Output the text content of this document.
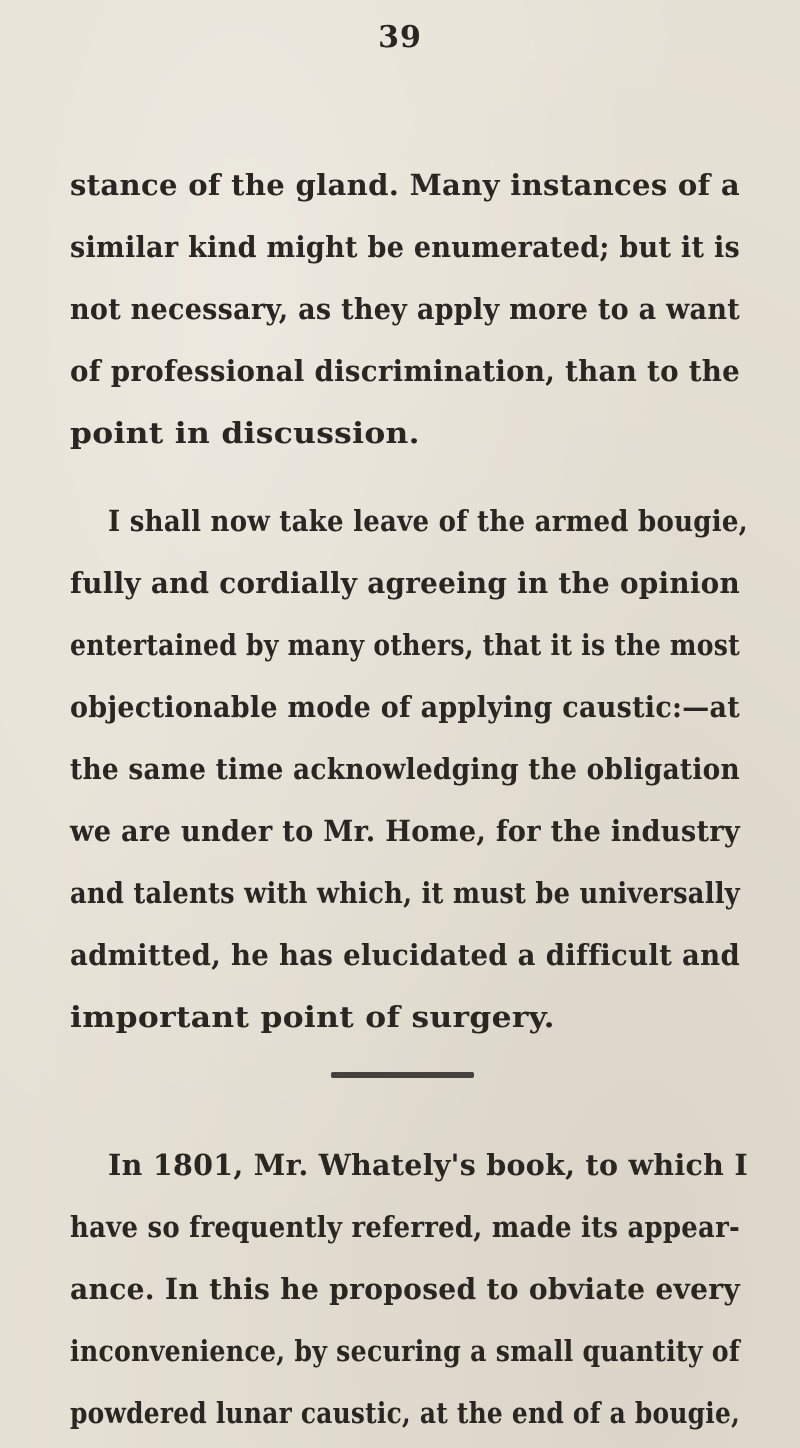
39
stance of the gland. Many instances of a
similar kind might be enumerated; but it is
not necessary, as they apply more to a want
of professional discrimination, than to the
point in discussion.
I shall now take leave of the armed bougie,
fully and cordially agreeing in the opinion
entertained by many others, that it is the most
objectionable mode of applying caustic:—at
the same time acknowledging the obligation
we are under to Mr. Home, for the industry
and talents with which, it must be universally
admitted, he has elucidated a difficult and
important point of surgery.
In 1801, Mr. Whately's book, to which I
have so frequently referred, made its appear-
ance. In this he proposed to obviate every
inconvenience, by securing a small quantity of
powdered lunar caustic, at the end of a bougie,
